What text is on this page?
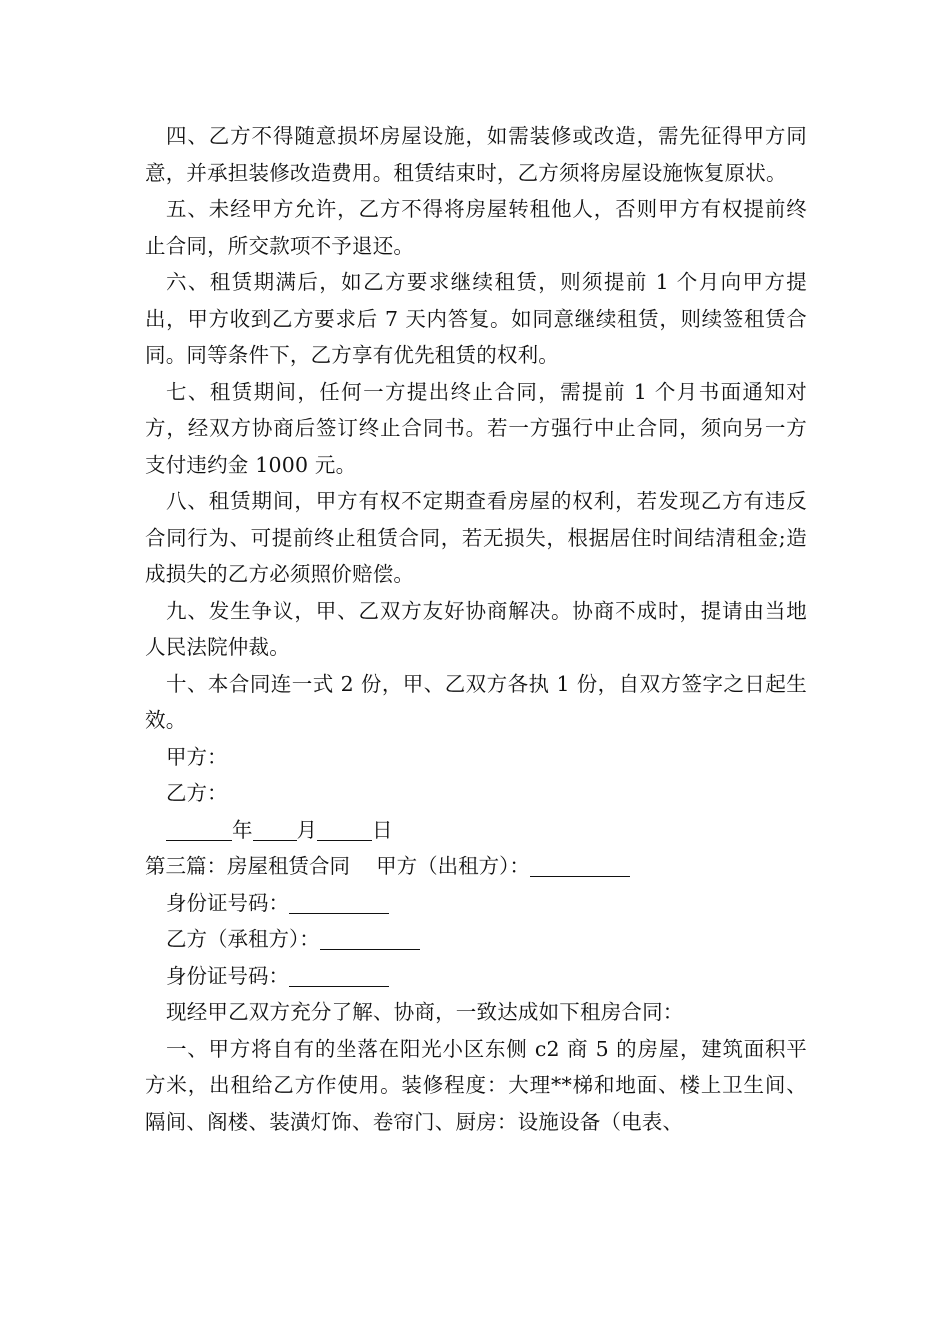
四、乙方不得随意损坏房屋设施，如需装修或改造，需先征得甲方同意，并承担装修改造费用。租赁结束时，乙方须将房屋设施恢复原状。

五、未经甲方允许，乙方不得将房屋转租他人，否则甲方有权提前终止合同，所交款项不予退还。

六、租赁期满后，如乙方要求继续租赁，则须提前 1 个月向甲方提出，甲方收到乙方要求后 7 天内答复。如同意继续租赁，则续签租赁合同。同等条件下，乙方享有优先租赁的权利。

七、租赁期间，任何一方提出终止合同，需提前 1 个月书面通知对方，经双方协商后签订终止合同书。若一方强行中止合同，须向另一方支付违约金 1000 元。

八、租赁期间，甲方有权不定期查看房屋的权利，若发现乙方有违反合同行为、可提前终止租赁合同，若无损失，根据居住时间结清租金;造成损失的乙方必须照价赔偿。

九、发生争议，甲、乙双方友好协商解决。协商不成时，提请由当地人民法院仲裁。

十、本合同连一式 2 份，甲、乙双方各执 1 份，自双方签字之日起生效。

甲方：

乙方：

年 月	日

第三篇：房屋租赁合同 甲方（出租方）：

身份证号码：

乙方（承租方）：

身份证号码：

现经甲乙双方充分了解、协商，一致达成如下租房合同：

一、甲方将自有的坐落在阳光小区东侧 c2 商 5 的房屋，建筑面积平方米，出租给乙方作使用。装修程度：大理**梯和地面、楼上卫生间、隔间、阁楼、装潢灯饰、卷帘门、厨房：设施设备（电表、
